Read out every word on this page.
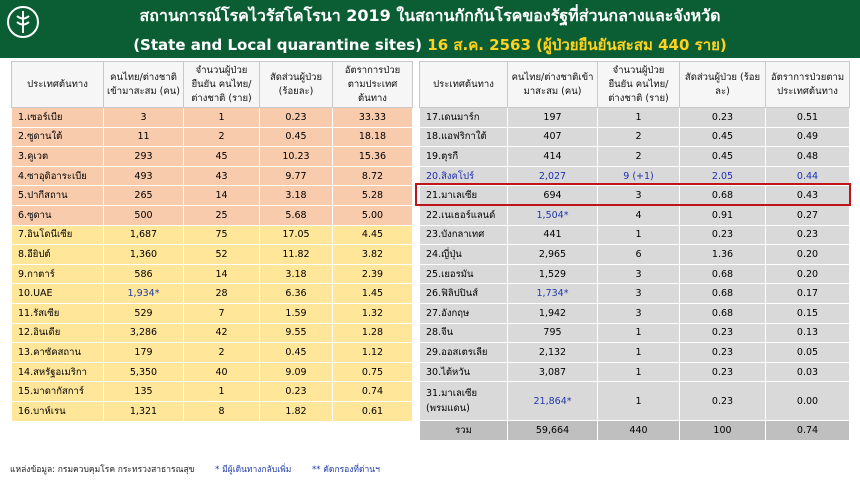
สถานการณ์โรคไวรัสโคโรนา 2019 ในสถานกักกันโรคของรัฐที่ส่วนกลางและจังหวัด
(State and Local quarantine sites) 16 ส.ค. 2563 (ผู้ป่วยยืนยันสะสม 440 ราย)
ประเทศต้นทาง	คนไทย/ต่างชาติเข้ามาสะสม (คน)	จำนวนผู้ป่วยยืนยัน คนไทย/ต่างชาติ (ราย)	สัดส่วนผู้ป่วย (ร้อยละ)	อัตราการป่วยตามประเทศต้นทาง
1.เซอร์เบีย	3	1	0.23	33.33
2.ซูดานใต้	11	2	0.45	18.18
3.คูเวต	293	45	10.23	15.36
4.ซาอุดิอาระเบีย	493	43	9.77	8.72
5.ปากีสถาน	265	14	3.18	5.28
6.ซูดาน	500	25	5.68	5.00
7.อินโดนีเซีย	1,687	75	17.05	4.45
8.อียิปต์	1,360	52	11.82	3.82
9.กาตาร์	586	14	3.18	2.39
10.UAE	1,934*	28	6.36	1.45
11.รัสเซีย	529	7	1.59	1.32
12.อินเดีย	3,286	42	9.55	1.28
13.คาซัคสถาน	179	2	0.45	1.12
14.สหรัฐอเมริกา	5,350	40	9.09	0.75
15.มาดากัสการ์	135	1	0.23	0.74
16.บาห์เรน	1,321	8	1.82	0.61
ประเทศต้นทาง	คนไทย/ต่างชาติเข้ามาสะสม (คน)	จำนวนผู้ป่วยยืนยัน คนไทย/ต่างชาติ (ราย)	สัดส่วนผู้ป่วย (ร้อยละ)	อัตราการป่วยตามประเทศต้นทาง
17.เดนมาร์ก	197	1	0.23	0.51
18.แอฟริกาใต้	407	2	0.45	0.49
19.ตุรกี	414	2	0.45	0.48
20.สิงคโปร์	2,027	9 (+1)	2.05	0.44
21.มาเลเซีย	694	3	0.68	0.43
22.เนเธอร์แลนด์	1,504*	4	0.91	0.27
23.บังกลาเทศ	441	1	0.23	0.23
24.ญี่ปุ่น	2,965	6	1.36	0.20
25.เยอรมัน	1,529	3	0.68	0.20
26.ฟิลิปปินส์	1,734*	3	0.68	0.17
27.อังกฤษ	1,942	3	0.68	0.15
28.จีน	795	1	0.23	0.13
29.ออสเตรเลีย	2,132	1	0.23	0.05
30.ไต้หวัน	3,087	1	0.23	0.03
31.มาเลเซีย
(พรมแดน)	21,864*	1	0.23	0.00
รวม	59,664	440	100	0.74
แหล่งข้อมูล: กรมควบคุมโรค กระทรวงสาธารณสุข * มีผู้เดินทางกลับเพิ่ม ** คัดกรองที่ด่านฯ
